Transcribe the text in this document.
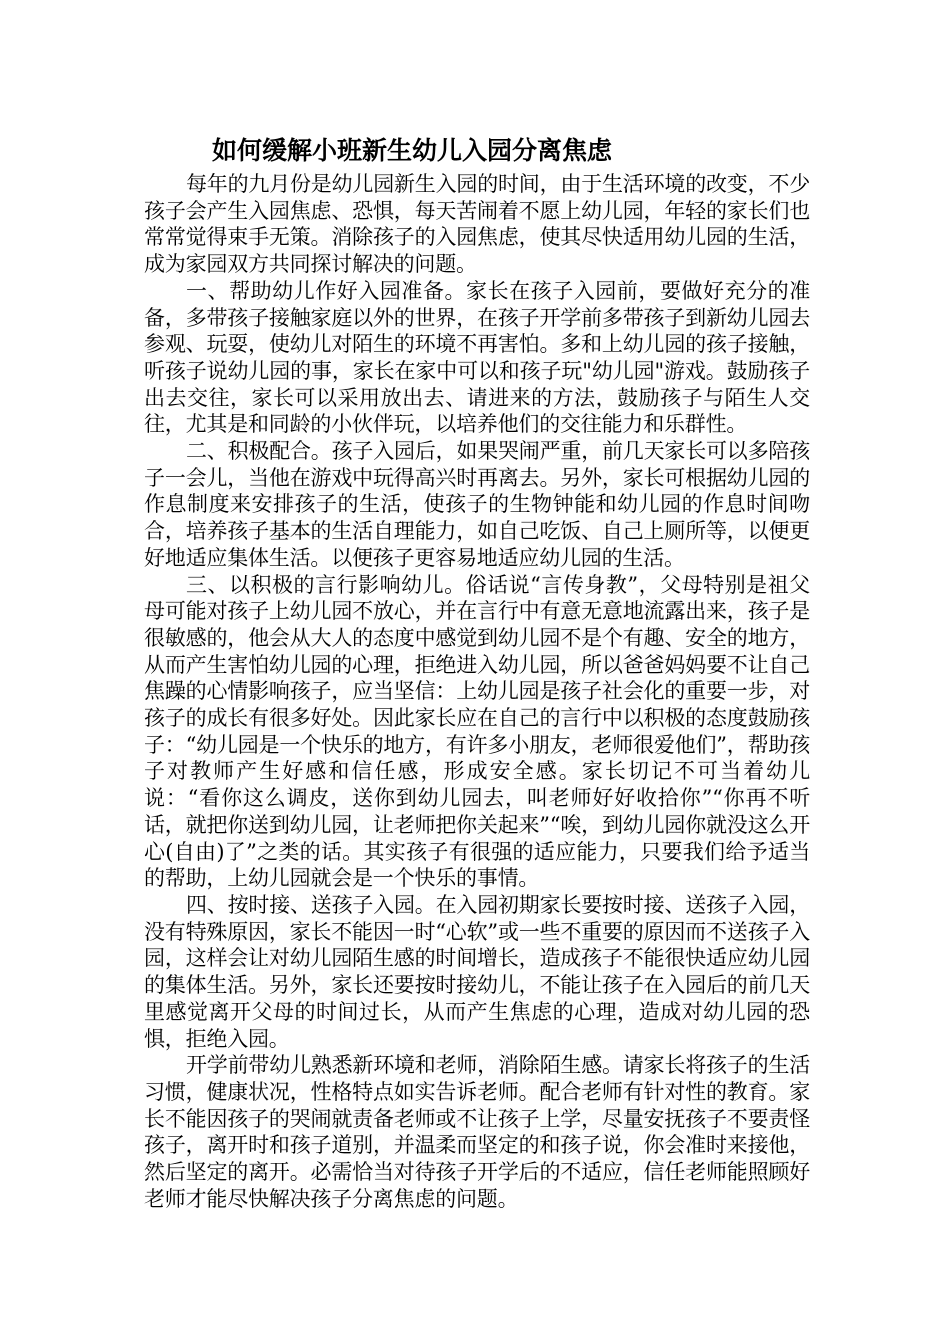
如何缓解小班新生幼儿入园分离焦虑

每年的九月份是幼儿园新生入园的时间，由于生活环境的改变，不少孩子会产生入园焦虑、恐惧，每天苦闹着不愿上幼儿园，年轻的家长们也常常觉得束手无策。消除孩子的入园焦虑，使其尽快适用幼儿园的生活，成为家园双方共同探讨解决的问题。

一、帮助幼儿作好入园准备。家长在孩子入园前，要做好充分的准备，多带孩子接触家庭以外的世界，在孩子开学前多带孩子到新幼儿园去参观、玩耍，使幼儿对陌生的环境不再害怕。多和上幼儿园的孩子接触，听孩子说幼儿园的事，家长在家中可以和孩子玩"幼儿园"游戏。鼓励孩子出去交往，家长可以采用放出去、请进来的方法，鼓励孩子与陌生人交往，尤其是和同龄的小伙伴玩，以培养他们的交往能力和乐群性。

二、积极配合。孩子入园后，如果哭闹严重，前几天家长可以多陪孩子一会儿，当他在游戏中玩得高兴时再离去。另外，家长可根据幼儿园的作息制度来安排孩子的生活，使孩子的生物钟能和幼儿园的作息时间吻合，培养孩子基本的生活自理能力，如自己吃饭、自己上厕所等，以便更好地适应集体生活。以便孩子更容易地适应幼儿园的生活。

三、以积极的言行影响幼儿。俗话说“言传身教”，父母特别是祖父母可能对孩子上幼儿园不放心，并在言行中有意无意地流露出来，孩子是很敏感的，他会从大人的态度中感觉到幼儿园不是个有趣、安全的地方，从而产生害怕幼儿园的心理，拒绝进入幼儿园，所以爸爸妈妈要不让自己焦躁的心情影响孩子，应当坚信：上幼儿园是孩子社会化的重要一步，对孩子的成长有很多好处。因此家长应在自己的言行中以积极的态度鼓励孩子：“幼儿园是一个快乐的地方，有许多小朋友，老师很爱他们”，帮助孩子对教师产生好感和信任感，形成安全感。家长切记不可当着幼儿说：“看你这么调皮，送你到幼儿园去，叫老师好好收拾你”“你再不听话，就把你送到幼儿园，让老师把你关起来”“唉，到幼儿园你就没这么开心(自由)了”之类的话。其实孩子有很强的适应能力，只要我们给予适当的帮助，上幼儿园就会是一个快乐的事情。

四、按时接、送孩子入园。在入园初期家长要按时接、送孩子入园，没有特殊原因，家长不能因一时“心软”或一些不重要的原因而不送孩子入园，这样会让对幼儿园陌生感的时间增长，造成孩子不能很快适应幼儿园的集体生活。另外，家长还要按时接幼儿，不能让孩子在入园后的前几天里感觉离开父母的时间过长，从而产生焦虑的心理，造成对幼儿园的恐惧，拒绝入园。

开学前带幼儿熟悉新环境和老师，消除陌生感。请家长将孩子的生活习惯，健康状况，性格特点如实告诉老师。配合老师有针对性的教育。家长不能因孩子的哭闹就责备老师或不让孩子上学，尽量安抚孩子不要责怪孩子，离开时和孩子道别，并温柔而坚定的和孩子说，你会准时来接他，然后坚定的离开。必需恰当对待孩子开学后的不适应，信任老师能照顾好老师才能尽快解决孩子分离焦虑的问题。
